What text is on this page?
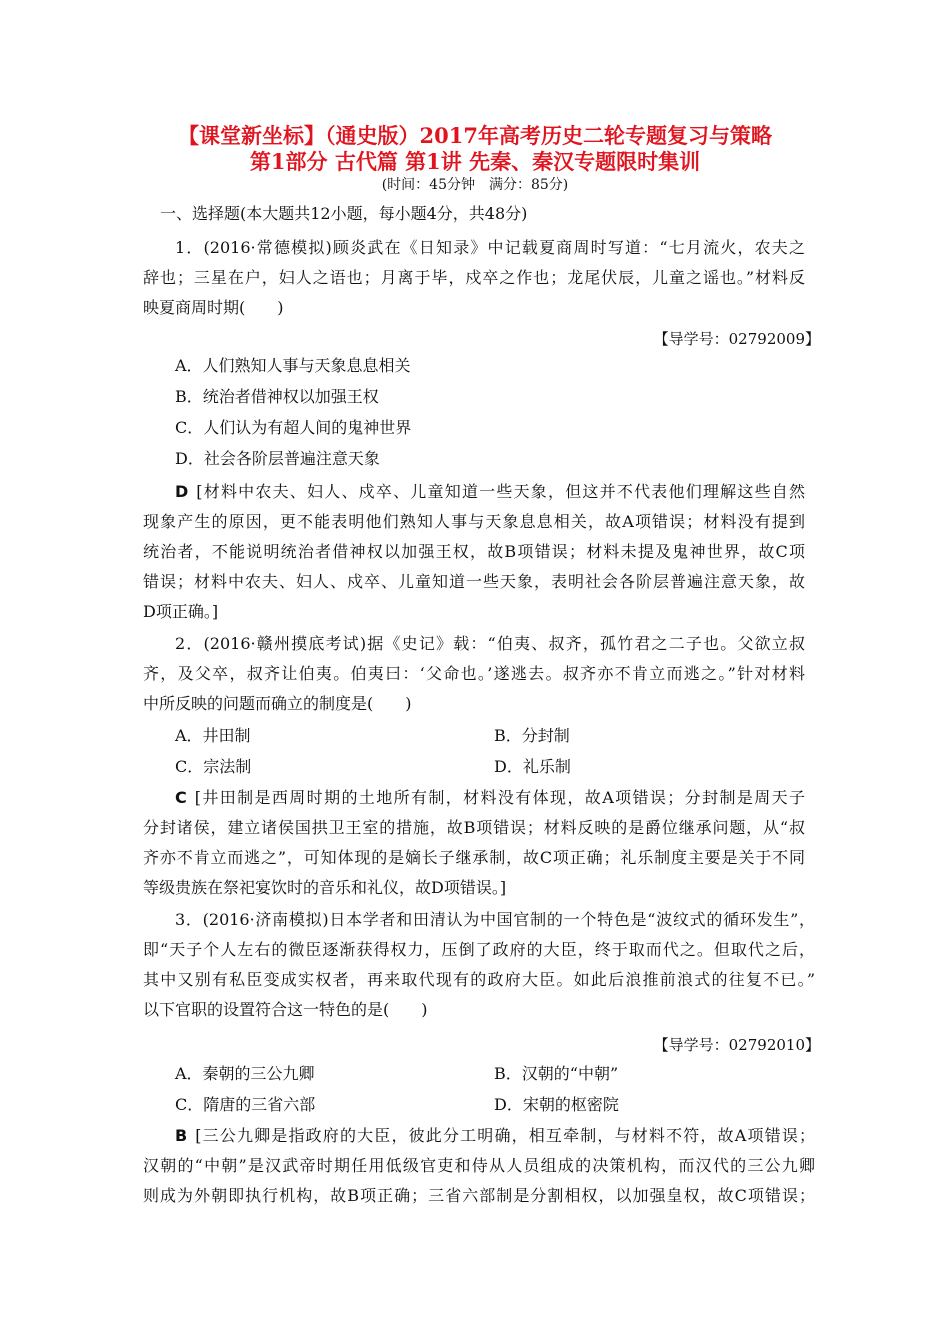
【课堂新坐标】（通史版）2017年高考历史二轮专题复习与策略
第1部分 古代篇 第1讲 先秦、秦汉专题限时集训
(时间：45分钟　满分：85分)
一、选择题(本大题共12小题，每小题4分，共48分)
1．(2016·常德模拟)顾炎武在《日知录》中记载夏商周时写道：“七月流火，农夫之
辞也；三星在户，妇人之语也；月离于毕，戍卒之作也；龙尾伏辰，儿童之谣也。”材料反
映夏商周时期(　　)
【导学号：02792009】
A．人们熟知人事与天象息息相关
B．统治者借神权以加强王权
C．人们认为有超人间的鬼神世界
D．社会各阶层普遍注意天象
D [材料中农夫、妇人、戍卒、儿童知道一些天象，但这并不代表他们理解这些自然
现象产生的原因，更不能表明他们熟知人事与天象息息相关，故A项错误；材料没有提到
统治者，不能说明统治者借神权以加强王权，故B项错误；材料未提及鬼神世界，故C项
错误；材料中农夫、妇人、戍卒、儿童知道一些天象，表明社会各阶层普遍注意天象，故
D项正确。]
2．(2016·赣州摸底考试)据《史记》载：“伯夷、叔齐，孤竹君之二子也。父欲立叔
齐，及父卒，叔齐让伯夷。伯夷曰：‘父命也。’遂逃去。叔齐亦不肯立而逃之。”针对材料
中所反映的问题而确立的制度是(　　)
A．井田制	B．分封制
C．宗法制	D．礼乐制
C [井田制是西周时期的土地所有制，材料没有体现，故A项错误；分封制是周天子
分封诸侯，建立诸侯国拱卫王室的措施，故B项错误；材料反映的是爵位继承问题，从“叔
齐亦不肯立而逃之”，可知体现的是嫡长子继承制，故C项正确；礼乐制度主要是关于不同
等级贵族在祭祀宴饮时的音乐和礼仪，故D项错误。]
3．(2016·济南模拟)日本学者和田清认为中国官制的一个特色是“波纹式的循环发生”，
即“天子个人左右的微臣逐渐获得权力，压倒了政府的大臣，终于取而代之。但取代之后，
其中又别有私臣变成实权者，再来取代现有的政府大臣。如此后浪推前浪式的往复不已。”
以下官职的设置符合这一特色的是(　　)
【导学号：02792010】
A．秦朝的三公九卿	B．汉朝的“中朝”
C．隋唐的三省六部	D．宋朝的枢密院
B [三公九卿是指政府的大臣，彼此分工明确，相互牵制，与材料不符，故A项错误；
汉朝的“中朝”是汉武帝时期任用低级官吏和侍从人员组成的决策机构，而汉代的三公九卿
则成为外朝即执行机构，故B项正确；三省六部制是分割相权，以加强皇权，故C项错误；
